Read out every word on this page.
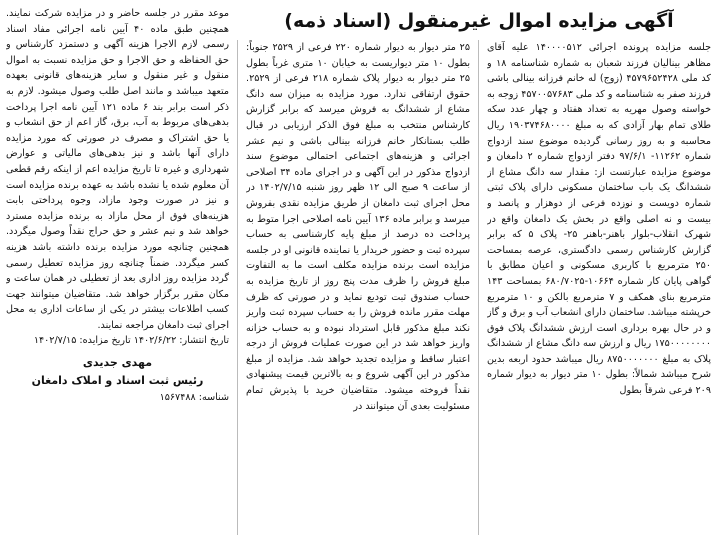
آگهی مزایده اموال غیرمنقول (اسناد ذمه)

جلسه مزایده پرونده اجرائی ۱۴۰۰۰۰۵۱۲ علیه آقای مظاهر بینالیان فرزند شعبان به شماره شناسنامه ۱۸ و کد ملی ۴۵۷۹۶۵۲۴۲۸ (زوج) له خانم فرزانه بینالی باشی فرزند صفر به شناسنامه و کد ملی ۴۵۷۰۰۵۷۶۸۳ زوجه به خواسته وصول مهریه به تعداد هفتاد و چهار عدد سکه طلای تمام بهار آزادی که به مبلغ ۱۹۰۳۷۴۶۸۰۰۰۰ ریال محاسبه و به روز رسانی گردیده موضوع سند ازدواج شماره ۱۱۲۶۲- ۹۷/۶/۱ دفتر ازدواج شماره ۲ دامغان و موضوع مزایده عبارتست از: مقدار سه دانگ مشاع از ششدانگ یک باب ساختمان مسکونی دارای پلاک ثبتی شماره دویست و نوزده فرعی از دوهزار و پانصد و بیست و نه اصلی واقع در بخش یک دامغان واقع در شهرک انقلاب-بلوار باهنر-باهنر ۲۵- پلاک ۵ که برابر گزارش کارشناس رسمی دادگستری، عرصه بمساحت ۲۵۰ مترمربع با کاربری مسکونی و اعیان مطابق با گواهی پایان کار شماره ۱۰۶۶۴-۶۸۰/۷۰۲۵ بمساحت ۱۴۳ مترمربع بنای همکف و ۷ مترمربع بالکن و ۱۰ مترمربع خرپشته میباشد. ساختمان دارای انشعاب آب و برق و گاز و در حال بهره برداری است ارزش ششدانگ پلاک فوق ۱۷۵۰۰۰۰۰۰۰۰ ریال و ارزش سه دانگ مشاع از ششدانگ پلاک به مبلغ ۸۷۵۰۰۰۰۰۰۰ ریال میباشد حدود اربعه بدین شرح میباشد شمالاً: بطول ۱۰ متر دیوار به دیوار شماره ۲۰۹ فرعی شرقاً بطول

۲۵ متر دیوار به دیوار شماره ۲۲۰ فرعی از ۲۵۲۹ جنوباً: بطول ۱۰ متر دیواریست به خیابان ۱۰ متری غرباً بطول ۲۵ متر دیوار به دیوار پلاک شماره ۲۱۸ فرعی از ۲۵۲۹. حقوق ارتفاقی ندارد. مورد مزایده به میزان سه دانگ مشاع از ششدانگ به فروش میرسد که برابر گزارش کارشناس منتخب به مبلغ فوق الذکر ارزیابی در قبال طلب بستانکار خانم فرزانه بینالی باشی و نیم عشر اجرائی و هزینه‌های اجتماعی احتمالی موضوع سند ازدواج مذکور در این آگهی و در اجرای ماده ۳۴ اصلاحی از ساعت ۹ صبح الی ۱۲ ظهر روز شنبه ۱۴۰۲/۷/۱۵ در محل اجرای ثبت دامغان از طریق مزایده نقدی بفروش میرسد و برابر ماده ۱۳۶ آیین نامه اصلاحی اجرا متوط به پرداخت ده درصد از مبلغ پایه کارشناسی به حساب سپرده ثبت و حضور خریدار یا نماینده قانونی او در جلسه مزایده است برنده مزایده مکلف است ما به التفاوت مبلغ فروش را ظرف مدت پنج روز از تاریخ مزایده به حساب صندوق ثبت تودیع نماید و در صورتی که ظرف مهلت مقرر مانده فروش را به حساب سپرده ثبت واریز نکند مبلغ مذکور قابل استرداد نبوده و به حساب خزانه واریز خواهد شد در این صورت عملیات فروش از درجه اعتبار ساقط و مزایده تجدید خواهد شد. مزایده از مبلغ مذکور در این آگهی شروع و به بالاترین قیمت پیشنهادی نقداً فروخته میشود. متقاضیان خرید با پذیرش تمام مسئولیت بعدی آن میتوانند در

موعد مقرر در جلسه حاضر و در مزایده شرکت نمایند. همچنین طبق ماده ۴۰ آیین نامه اجرائی مفاد اسناد رسمی لازم الاجرا هزینه آگهی و دستمزد کارشناس و حق الحفاظه و حق الاجرا و حق مزایده نسبت به اموال منقول و غیر منقول و سایر هزینه‌های قانونی بعهده متعهد میباشد و مانند اصل طلب وصول میشود. لازم به ذکر است برابر بند ۶ ماده ۱۲۱ آیین نامه اجرا پرداخت بدهی‌های مربوط به آب، برق، گاز اعم از حق انشعاب و یا حق اشتراک و مصرف در صورتی که مورد مزایده دارای آنها باشد و نیز بدهی‌های مالیاتی و عوارض شهرداری و غیره تا تاریخ مزایده اعم از اینکه رقم قطعی آن معلوم شده یا نشده باشد به عهده برنده مزایده است و نیز در صورت وجود مازاد، وجوه پرداختی بابت هزینه‌های فوق از محل مازاد به برنده مزایده مسترد خواهد شد و نیم عشر و حق حراج نقداً وصول میگردد. همچنین چنانچه مورد مزایده برنده داشته باشد هزینه کسر میگردد. ضمناً چنانچه روز مزایده تعطیل رسمی گردد مزایده روز اداری بعد از تعطیلی در همان ساعت و مکان مقرر برگزار خواهد شد. متقاضیان میتوانند جهت کسب اطلاعات بیشتر در یکی از ساعات اداری به محل اجرای ثبت دامغان مراجعه نمایند.

تاریخ انتشار: ۱۴۰۲/۶/۲۲ تاریخ مزایده: ۱۴۰۲/۷/۱۵
مهدی جدیدی
رئیس ثبت اسناد و املاک دامغان
شناسه: ۱۵۶۷۴۸۸
